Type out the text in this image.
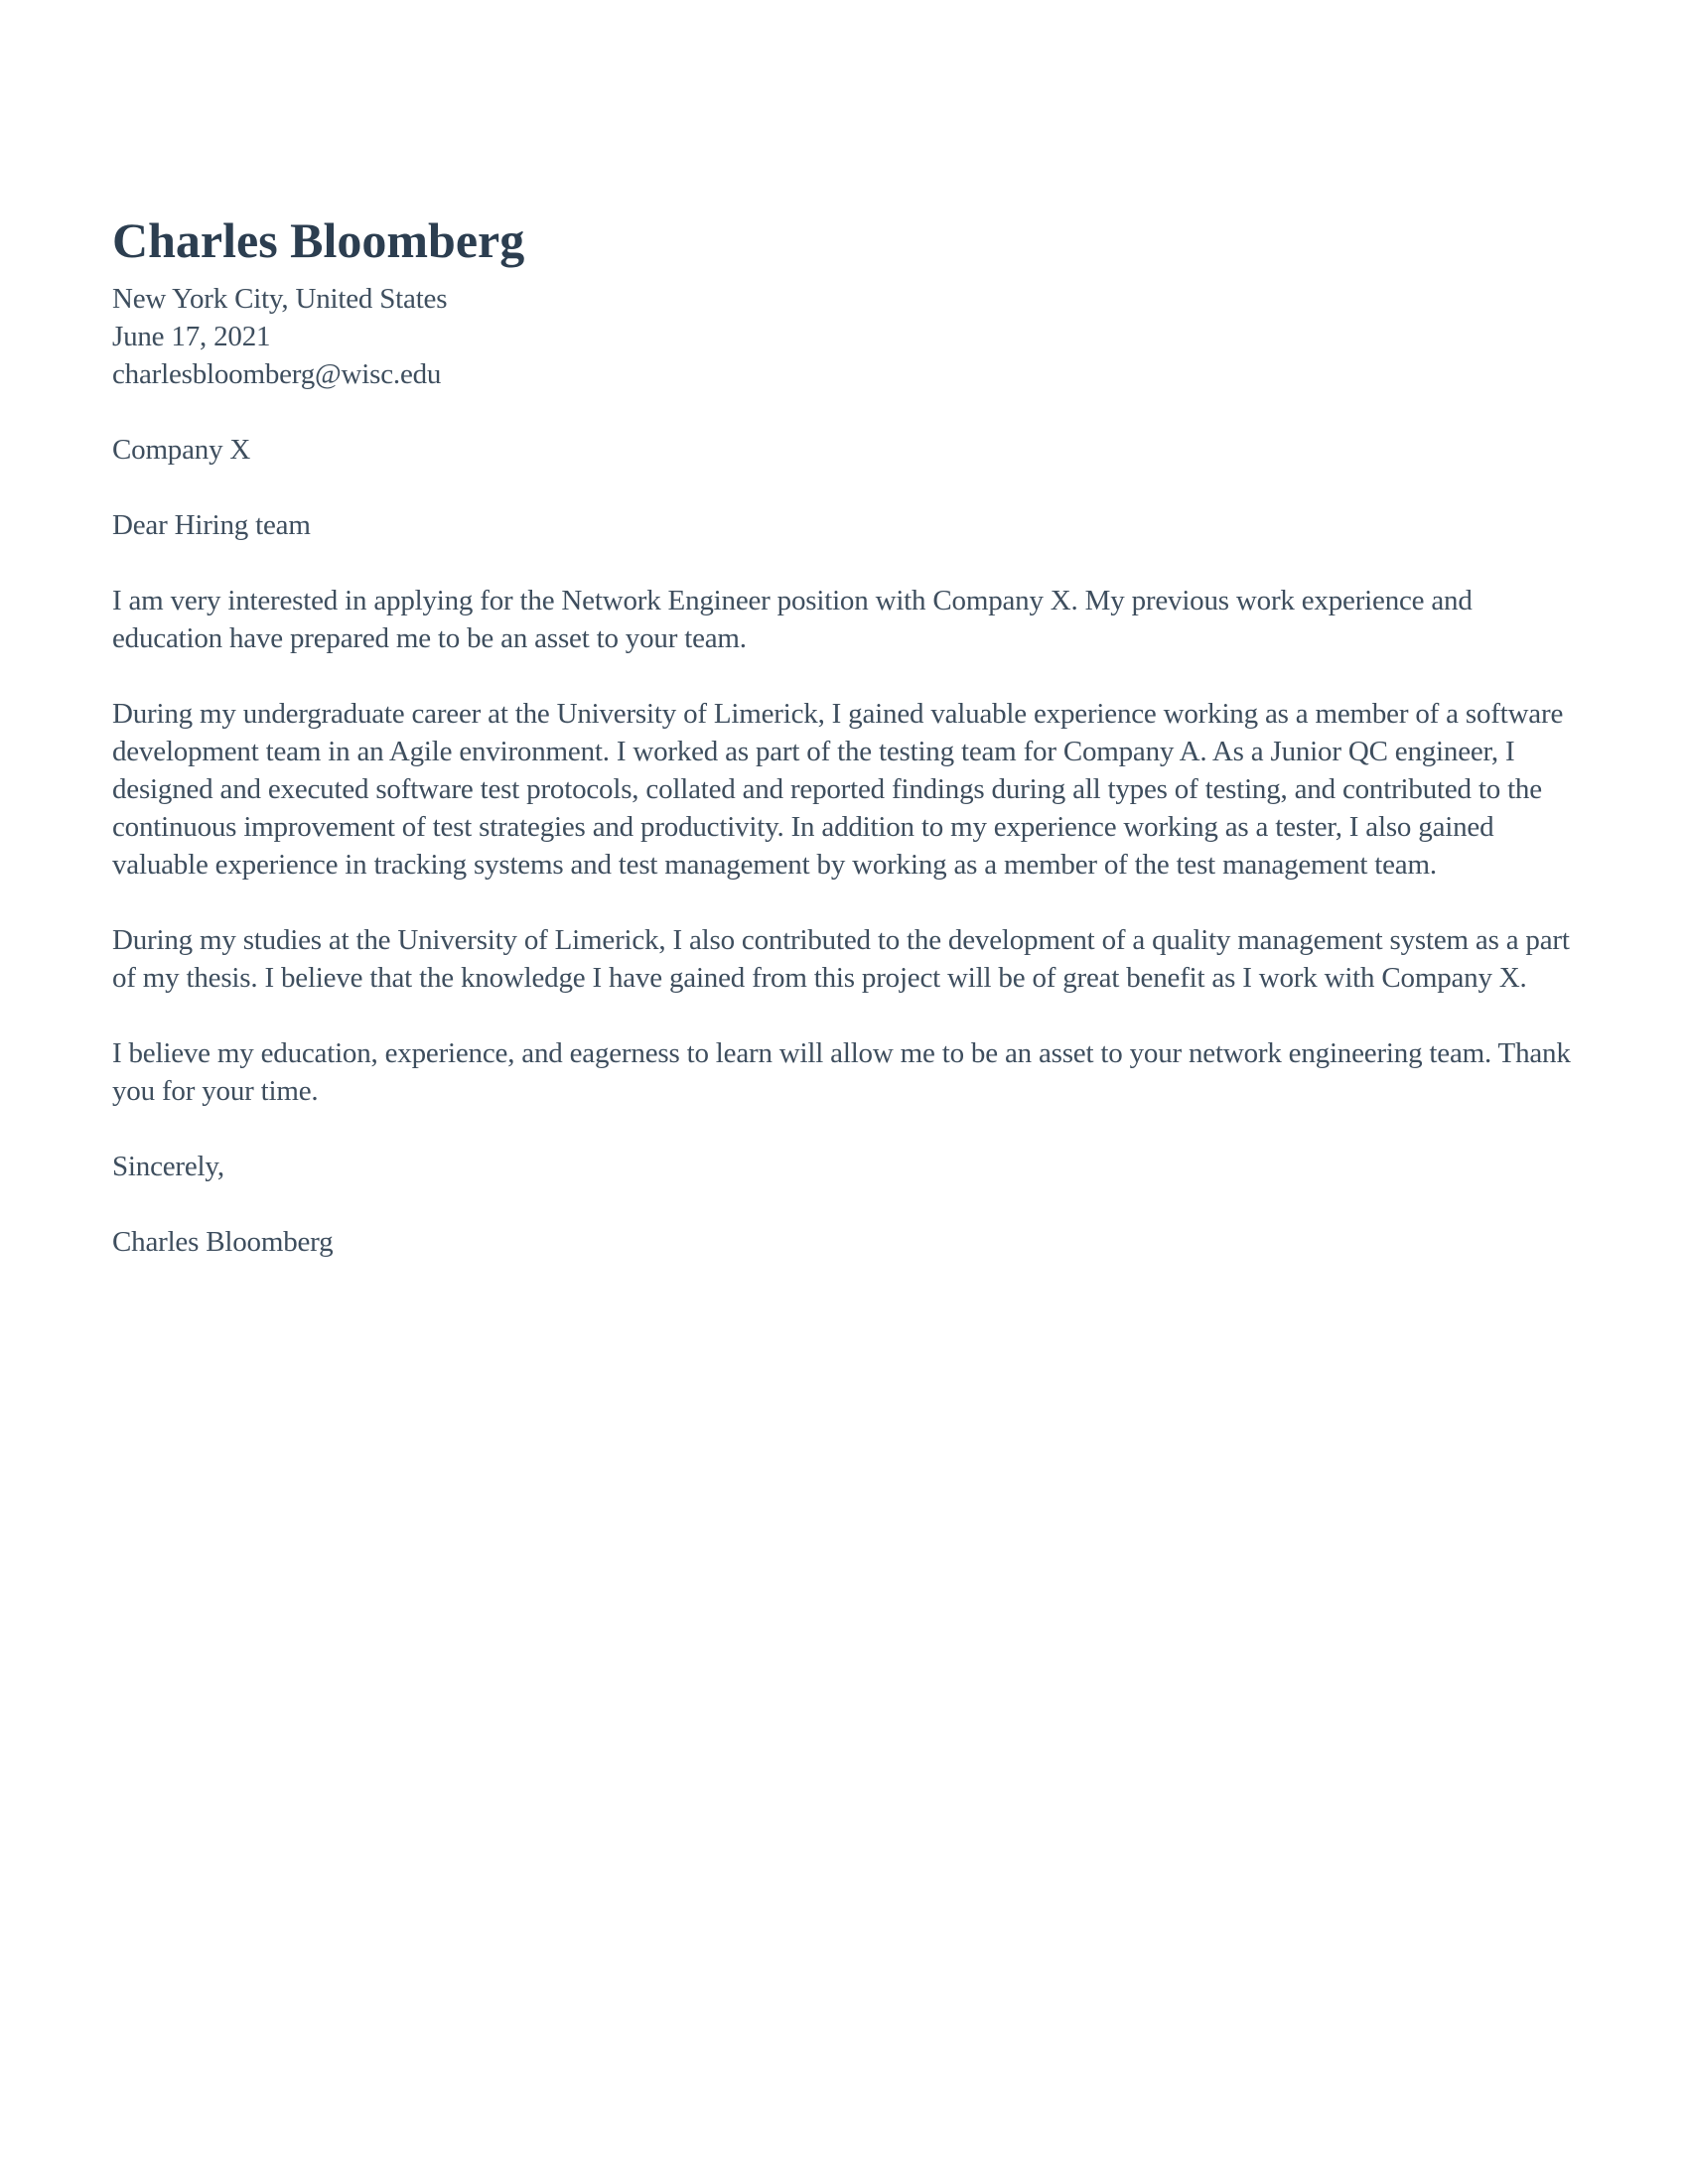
Charles Bloomberg

New York City, United States

June 17, 2021

charlesbloomberg@wisc.edu

Company X

Dear Hiring team

I am very interested in applying for the Network Engineer position with Company X. My previous work experience and education have prepared me to be an asset to your team.

During my undergraduate career at the University of Limerick, I gained valuable experience working as a member of a software development team in an Agile environment. I worked as part of the testing team for Company A. As a Junior QC engineer, I designed and executed software test protocols, collated and reported findings during all types of testing, and contributed to the continuous improvement of test strategies and productivity. In addition to my experience working as a tester, I also gained valuable experience in tracking systems and test management by working as a member of the test management team.

During my studies at the University of Limerick, I also contributed to the development of a quality management system as a part of my thesis. I believe that the knowledge I have gained from this project will be of great benefit as I work with Company X.

I believe my education, experience, and eagerness to learn will allow me to be an asset to your network engineering team. Thank you for your time.

Sincerely,

Charles Bloomberg
